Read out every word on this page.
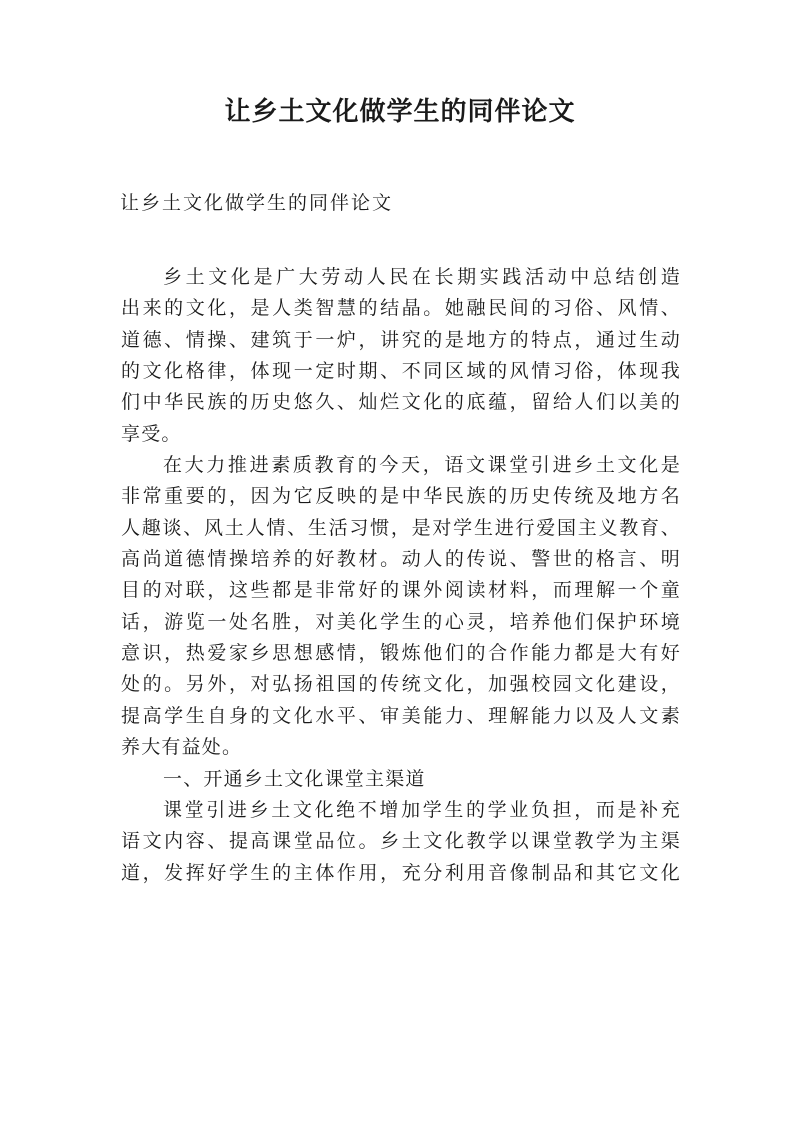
让乡土文化做学生的同伴论文
让乡土文化做学生的同伴论文
乡土文化是广大劳动人民在长期实践活动中总结创造
出来的文化，是人类智慧的结晶。她融民间的习俗、风情、
道德、情操、建筑于一炉，讲究的是地方的特点，通过生动
的文化格律，体现一定时期、不同区域的风情习俗，体现我
们中华民族的历史悠久、灿烂文化的底蕴，留给人们以美的
享受。
在大力推进素质教育的今天，语文课堂引进乡土文化是
非常重要的，因为它反映的是中华民族的历史传统及地方名
人趣谈、风土人情、生活习惯，是对学生进行爱国主义教育、
高尚道德情操培养的好教材。动人的传说、警世的格言、明
目的对联，这些都是非常好的课外阅读材料，而理解一个童
话，游览一处名胜，对美化学生的心灵，培养他们保护环境
意识，热爱家乡思想感情，锻炼他们的合作能力都是大有好
处的。另外，对弘扬祖国的传统文化，加强校园文化建设，
提高学生自身的文化水平、审美能力、理解能力以及人文素
养大有益处。
一、开通乡土文化课堂主渠道
课堂引进乡土文化绝不增加学生的学业负担，而是补充
语文内容、提高课堂品位。乡土文化教学以课堂教学为主渠
道，发挥好学生的主体作用，充分利用音像制品和其它文化
